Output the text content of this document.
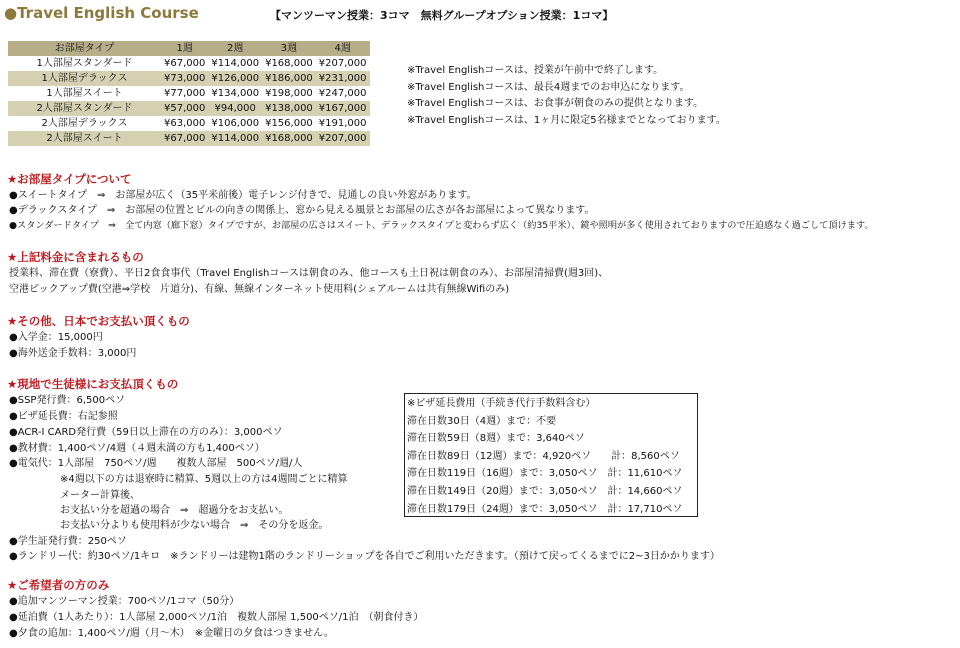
●Travel English Course	【マンツーマン授業：3コマ　無料グループオプション授業：1コマ】
お部屋タイプ	1週	2週	3週	4週
1人部屋スタンダード	¥67,000	¥114,000	¥168,000	¥207,000
1人部屋デラックス	¥73,000	¥126,000	¥186,000	¥231,000
1人部屋スイート	¥77,000	¥134,000	¥198,000	¥247,000
2人部屋スタンダード	¥57,000	¥94,000	¥138,000	¥167,000
2人部屋デラックス	¥63,000	¥106,000	¥156,000	¥191,000
2人部屋スイート	¥67,000	¥114,000	¥168,000	¥207,000
※Travel Englishコースは、授業が午前中で終了します。
※Travel Englishコースは、最長4週までのお申込になります。
※Travel Englishコースは、お食事が朝食のみの提供となります。
※Travel Englishコースは、1ヶ月に限定5名様までとなっております。
★お部屋タイプについて
●スイートタイプ　⇒　お部屋が広く（35平米前後）電子レンジ付きで、見通しの良い外窓があります。
●デラックスタイプ　⇒　お部屋の位置とビルの向きの関係上、窓から見える風景とお部屋の広さが各お部屋によって異なります。
●スタンダードタイプ　⇒　全て内窓（廊下窓）タイプですが、お部屋の広さはスイート、デラックスタイプと変わらず広く（約35平米）、鏡や照明が多く使用されておりますので圧迫感なく過ごして頂けます。
★上記料金に含まれるもの
授業料、滞在費（寮費）、平日2食食事代（Travel Englishコースは朝食のみ、他コースも土日祝は朝食のみ）、お部屋清掃費(週3回)、
空港ピックアップ費(空港⇒学校　片道分)、有線、無線インターネット使用料(シェアルームは共有無線Wifiのみ)
★その他、日本でお支払い頂くもの
●入学金：15,000円
●海外送金手数料：3,000円
★現地で生徒様にお支払頂くもの
●SSP発行費：6,500ペソ
●ビザ延長費：右記参照
●ACR-I CARD発行費（59日以上滞在の方のみ）：3,000ペソ
●教材費：1,400ペソ/4週（４週未満の方も1,400ペソ）
●電気代：1人部屋　750ペソ/週　　複数人部屋　500ペソ/週/人
※4週以下の方は退寮時に精算、5週以上の方は4週間ごとに精算
メーター計算後、
お支払い分を超過の場合　⇒　超過分をお支払い。
お支払い分よりも使用料が少ない場合　⇒　その分を返金。
●学生証発行費：250ペソ
●ランドリー代：約30ペソ/1キロ　※ランドリーは建物1階のランドリーショップを各自でご利用いただきます。（預けて戻ってくるまでに2~3日かかります）
※ビザ延長費用（手続き代行手数料含む）
滞在日数30日（4週）まで：不要
滞在日数59日（8週）まで：3,640ペソ
滞在日数89日（12週）まで：4,920ペソ　　計：8,560ペソ
滞在日数119日（16週）まで：3,050ペソ　計：11,610ペソ
滞在日数149日（20週）まで：3,050ペソ　計：14,660ペソ
滞在日数179日（24週）まで：3,050ペソ　計：17,710ペソ
★ご希望者の方のみ
●追加マンツーマン授業：700ペソ/1コマ（50分）
●延泊費（1人あたり）：1人部屋 2,000ペソ/1泊　複数人部屋 1,500ペソ/1泊　（朝食付き）
●夕食の追加：1,400ペソ/週（月～木）　※金曜日の夕食はつきません。
